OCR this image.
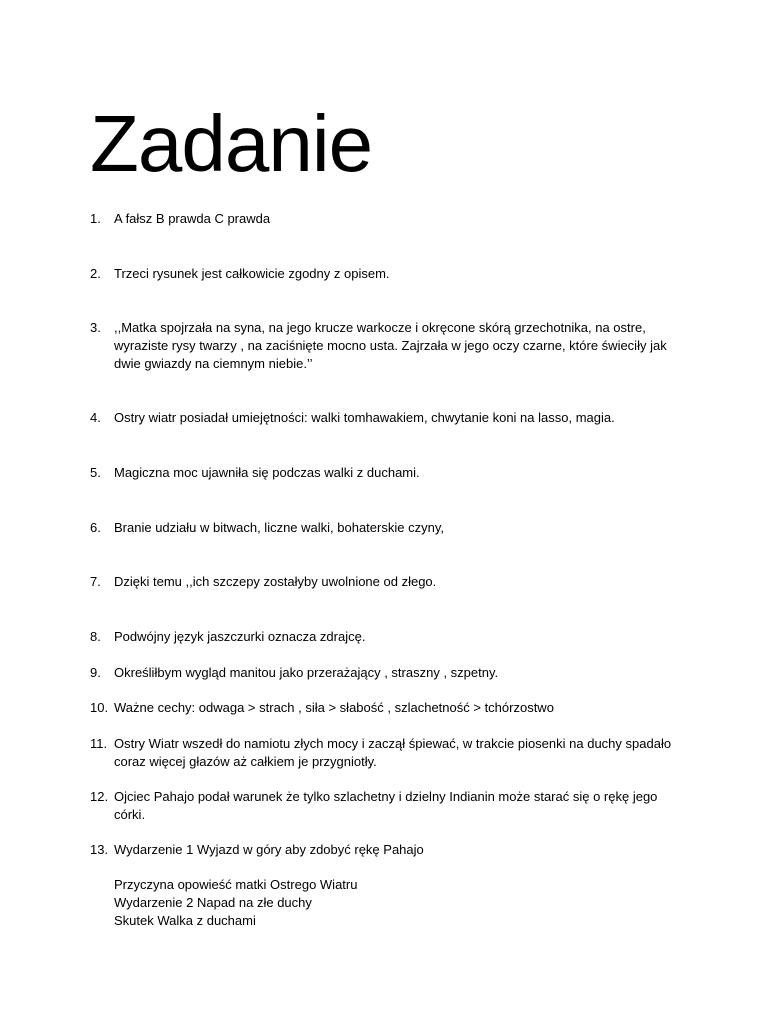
Zadanie
1.	A fałsz B prawda C prawda
2.	Trzeci rysunek jest całkowicie zgodny z opisem.
3.	,,Matka spojrzała na syna, na jego krucze warkocze i okręcone skórą grzechotnika, na ostre, wyraziste rysy twarzy , na zaciśnięte mocno usta. Zajrzała w jego oczy czarne, które świeciły jak dwie gwiazdy na ciemnym niebie.’’
4.	Ostry wiatr posiadał umiejętności: walki tomhawakiem, chwytanie koni na lasso, magia.
5.	Magiczna moc ujawniła się podczas walki z duchami.
6.	Branie udziału w bitwach, liczne walki, bohaterskie czyny,
7.	Dzięki temu ,,ich szczepy zostałyby uwolnione od złego.
8.	Podwójny język jaszczurki oznacza zdrajcę.
9.	Określiłbym wygląd manitou jako przerażający , straszny , szpetny.
10. Ważne cechy: odwaga > strach , siła > słabość , szlachetność > tchórzostwo
11. Ostry Wiatr wszedł do namiotu złych mocy i zaczął śpiewać, w trakcie piosenki na duchy spadało coraz więcej głazów aż całkiem je przygniotły.
12. Ojciec Pahajo podał warunek że tylko szlachetny i dzielny Indianin może starać się o rękę jego córki.
13. Wydarzenie 1 Wyjazd w góry aby zdobyć rękę Pahajo
Przyczyna opowieść matki Ostrego Wiatru
Wydarzenie 2 Napad na złe duchy
Skutek Walka z duchami
